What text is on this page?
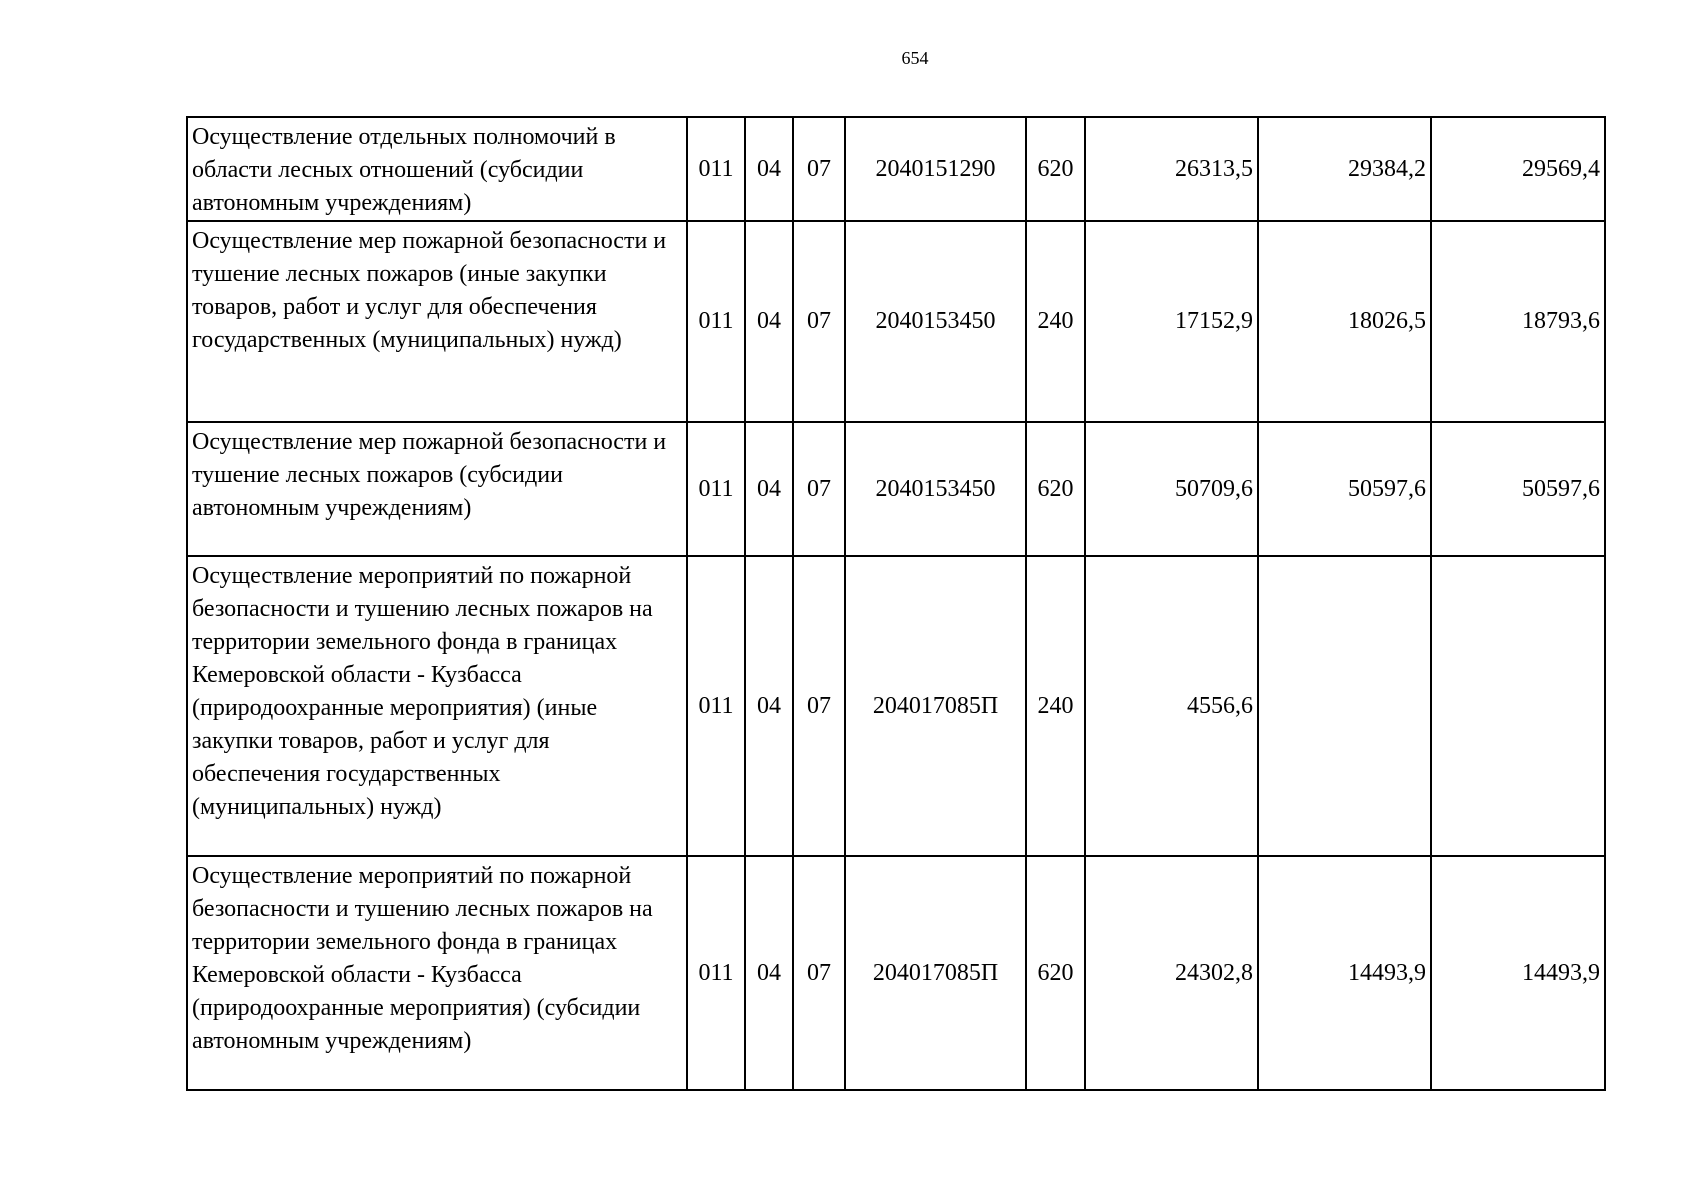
654
Осуществление отдельных полномочий в области лесных отношений (субсидии автономным учреждениям)	011	04	07	2040151290	620	26313,5	29384,2	29569,4
Осуществление мер пожарной безопасности и тушение лесных пожаров (иные закупки товаров, работ и услуг для обеспечения государственных (муниципальных) нужд)	011	04	07	2040153450	240	17152,9	18026,5	18793,6
Осуществление мер пожарной безопасности и тушение лесных пожаров (субсидии автономным учреждениям)	011	04	07	2040153450	620	50709,6	50597,6	50597,6
Осуществление мероприятий по пожарной безопасности и тушению лесных пожаров на территории земельного фонда в границах Кемеровской области - Кузбасса (природоохранные мероприятия) (иные закупки товаров, работ и услуг для обеспечения государственных (муниципальных) нужд)	011	04	07	204017085П	240	4556,6		
Осуществление мероприятий по пожарной безопасности и тушению лесных пожаров на территории земельного фонда в границах Кемеровской области - Кузбасса (природоохранные мероприятия) (субсидии автономным учреждениям)	011	04	07	204017085П	620	24302,8	14493,9	14493,9
